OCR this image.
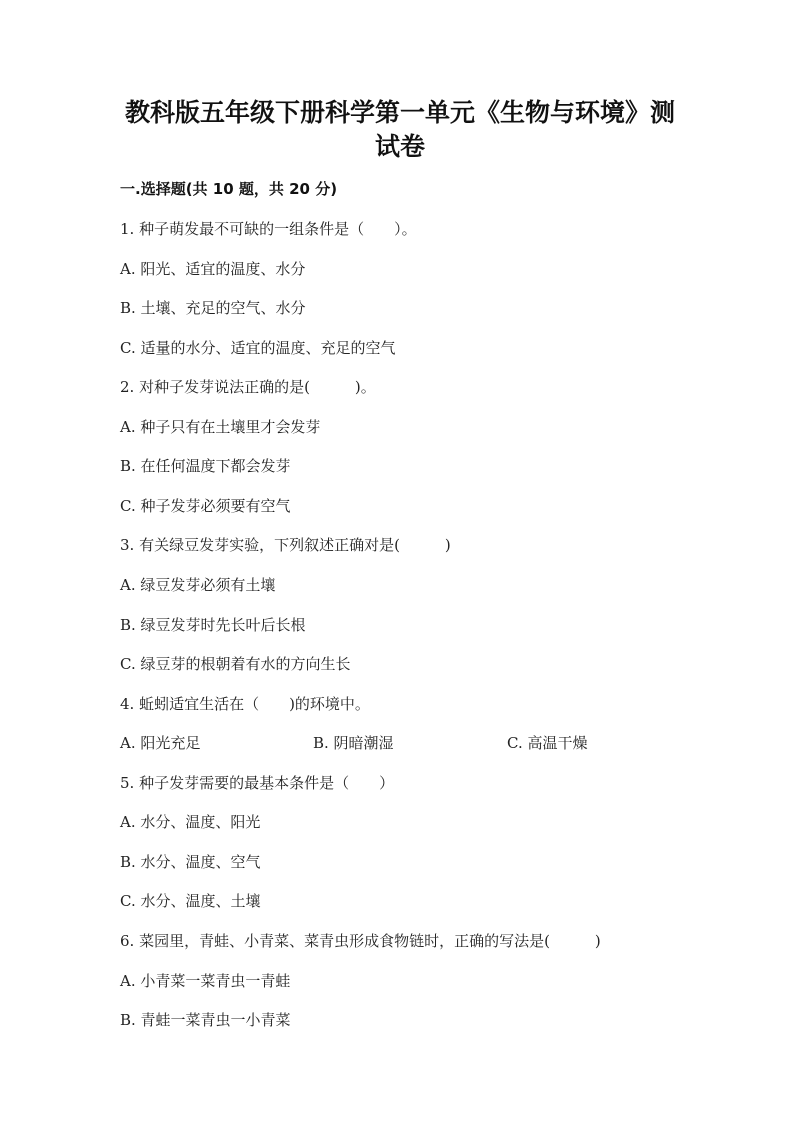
教科版五年级下册科学第一单元《生物与环境》测
试卷
一.选择题(共 10 题，共 20 分)

1. 种子萌发最不可缺的一组条件是（　　）。

A. 阳光、适宜的温度、水分

B. 土壤、充足的空气、水分

C. 适量的水分、适宜的温度、充足的空气

2. 对种子发芽说法正确的是(　　　)。

A. 种子只有在土壤里才会发芽

B. 在任何温度下都会发芽

C. 种子发芽必须要有空气

3. 有关绿豆发芽实验，下列叙述正确对是(　　　)

A. 绿豆发芽必须有土壤

B. 绿豆发芽时先长叶后长根

C. 绿豆芽的根朝着有水的方向生长

4. 蚯蚓适宜生活在（　　)的环境中。

A. 阳光充足	B. 阴暗潮湿	C. 高温干燥

5. 种子发芽需要的最基本条件是（　　）

A. 水分、温度、阳光

B. 水分、温度、空气

C. 水分、温度、土壤

6. 菜园里，青蛙、小青菜、菜青虫形成食物链时，正确的写法是(　　　)

A. 小青菜一菜青虫一青蛙

B. 青蛙一菜青虫一小青菜
